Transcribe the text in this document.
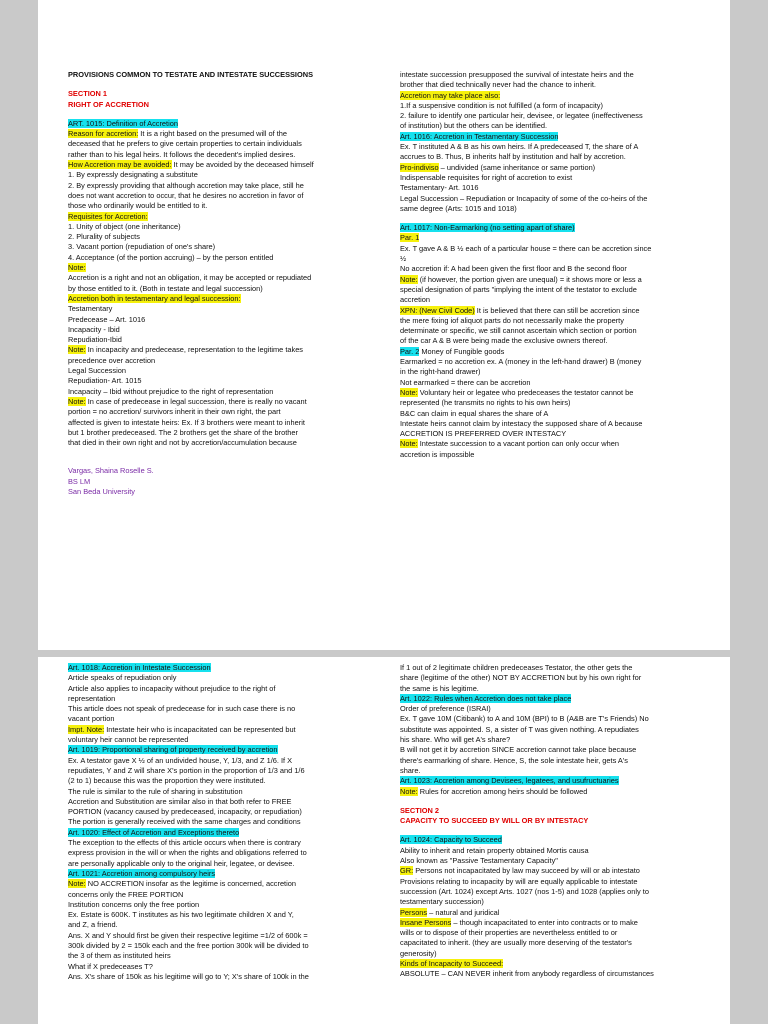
PROVISIONS COMMON TO TESTATE AND INTESTATE SUCCESSIONS
SECTION 1
RIGHT OF ACCRETION
ART. 1015: Definition of Accretion
Reason for accretion: It is a right based on the presumed will of the
deceased that he prefers to give certain properties to certain individuals
rather than to his legal heirs. It follows the decedent's implied desires.
How Accretion may be avoided: It may be avoided by the deceased himself
1. By expressly designating a substitute
2. By expressly providing that although accretion may take place, still he
does not want accretion to occur, that he desires no accretion in favor of
those who ordinarily would be entitled to it.
Requisites for Accretion:
1. Unity of object (one inheritance)
2. Plurality of subjects
3. Vacant portion (repudiation of one's share)
4. Acceptance (of the portion accruing) – by the person entitled
Note:
Accretion is a right and not an obligation, it may be accepted or repudiated
by those entitled to it. (Both in testate and legal succession)
Accretion both in testamentary and legal succession:
Testamentary
Predecease – Art. 1016
Incapacity - Ibid
Repudiation-Ibid
Note: In incapacity and predecease, representation to the legitime takes
precedence over accretion
Legal Succession
Repudiation- Art. 1015
Incapacity – Ibid without prejudice to the right of representation
Note: In case of predecease in legal succession, there is really no vacant
portion = no accretion/ survivors inherit in their own right, the part
affected is given to intestate heirs: Ex. If 3 brothers were meant to inherit
but 1 brother predeceased. The 2 brothers get the share of the brother
that died in their own right and not by accretion/accumulation because
Vargas, Shaina Roselle S.
BS LM
San Beda University
intestate succession presupposed the survival of intestate heirs and the
brother that died technically never had the chance to inherit.
Accretion may take place also:
1.If a suspensive condition is not fulfilled (a form of incapacity)
2. failure to identify one particular heir, devisee, or legatee (ineffectiveness
of institution) but the others can be identified.
Art. 1016: Accretion in Testamentary Succession
Ex. T instituted A & B as his own heirs. If A predeceased T, the share of A
accrues to B. Thus, B inherits half by institution and half by accretion.
Pro-indiviso – undivided (same inheritance or same portion)
Indispensable requisites for right of accretion to exist
Testamentary- Art. 1016
Legal Succession – Repudiation or Incapacity of some of the co-heirs of the
same degree (Arts: 1015 and 1018)
Art. 1017: Non-Earmarking (no setting apart of share)
Par. 1
Ex. T gave A & B ½ each of a particular house = there can be accretion since
½
No accretion if: A had been given the first floor and B the second floor
Note: (if however, the portion given are unequal) = it shows more or less a
special designation of parts "implying the intent of the testator to exclude
accretion
XPN: (New Civil Code) It is believed that there can still be accretion since
the mere fixing iof aliquot parts do not necessarily make the property
determinate or specific, we still cannot ascertain which section or portion
of the car A & B were being made the exclusive owners thereof.
Par. 2 Money of Fungible goods
Earmarked = no accretion ex. A (money in the left-hand drawer) B (money
in the right-hand drawer)
Not earmarked = there can be accretion
Note: Voluntary heir or legatee who predeceases the testator cannot be
represented (he transmits no rights to his own heirs)
B&C can claim in equal shares the share of A
Intestate heirs cannot claim by intestacy the supposed share of A because
ACCRETION IS PREFERRED OVER INTESTACY
Note: Intestate succession to a vacant portion can only occur when
accretion is impossible
Art. 1018: Accretion in Intestate Succession
Article speaks of repudiation only
Article also applies to incapacity without prejudice to the right of
representation
This article does not speak of predecease for in such case there is no
vacant portion
Impt. Note: Intestate heir who is incapacitated can be represented but
voluntary heir cannot be represented
Art. 1019: Proportional sharing of property received by accretion
Ex. A testator gave X ½ of an undivided house, Y, 1/3, and Z 1/6. If X
repudiates, Y and Z will share X's portion in the proportion of 1/3 and 1/6
(2 to 1) because this was the proportion they were instituted.
The rule is similar to the rule of sharing in substitution
Accretion and Substitution are similar also in that both refer to FREE
PORTION (vacancy caused by predeceased, incapacity, or repudiation)
The portion is generally received with the same charges and conditions
Art. 1020: Effect of Accretion and Exceptions thereto
The exception to the effects of this article occurs when there is contrary
express provision in the will or when the rights and obligations referred to
are personally applicable only to the original heir, legatee, or devisee.
Art. 1021: Accretion among compulsory heirs
Note: NO ACCRETION insofar as the legitime is concerned, accretion
concerns only the FREE PORTION
Institution concerns only the free portion
Ex. Estate is 600K. T institutes as his two legitimate children X and Y,
and Z, a friend.
Ans. X and Y should first be given their respective legitime =1/2 of 600k =
300k divided by 2 = 150k each and the free portion 300k will be divided to
the 3 of them as instituted heirs
What if X predeceases T?
Ans. X's share of 150k as his legitime will go to Y; X's share of 100k in the
If 1 out of 2 legitimate children predeceases Testator, the other gets the
share (legitime of the other) NOT BY ACCRETION but by his own right for
the same is his legitime.
Art. 1022: Rules when Accretion does not take place
Order of preference (ISRAI)
Ex. T gave 10M (Citibank) to A and 10M (BPI) to B (A&B are T's Friends) No
substitute was appointed. S, a sister of T was given nothing. A repudiates
his share. Who will get A's share?
B will not get it by accretion SINCE accretion cannot take place because
there's earmarking of share. Hence, S, the sole intestate heir, gets A's
share.
Art. 1023: Accretion among Devisees, legatees, and usufructuaries
Note: Rules for accretion among heirs should be followed
SECTION 2
CAPACITY TO SUCCEED BY WILL OR BY INTESTACY
Art. 1024: Capacity to Succeed
Ability to inherit and retain property obtained Mortis causa
Also known as "Passive Testamentary Capacity"
GR: Persons not incapacitated by law may succeed by will or ab intestato
Provisions relating to incapacity by will are equally applicable to intestate
succession (Art. 1024) except Arts. 1027 (nos 1-5) and 1028 (applies only to
testamentary succession)
Persons – natural and juridical
Insane Persons – though incapacitated to enter into contracts or to make
wills or to dispose of their properties are nevertheless entitled to or
capacitated to inherit. (they are usually more deserving of the testator's
generosity)
Kinds of Incapacity to Succeed:
ABSOLUTE – CAN NEVER inherit from anybody regardless of circumstances
